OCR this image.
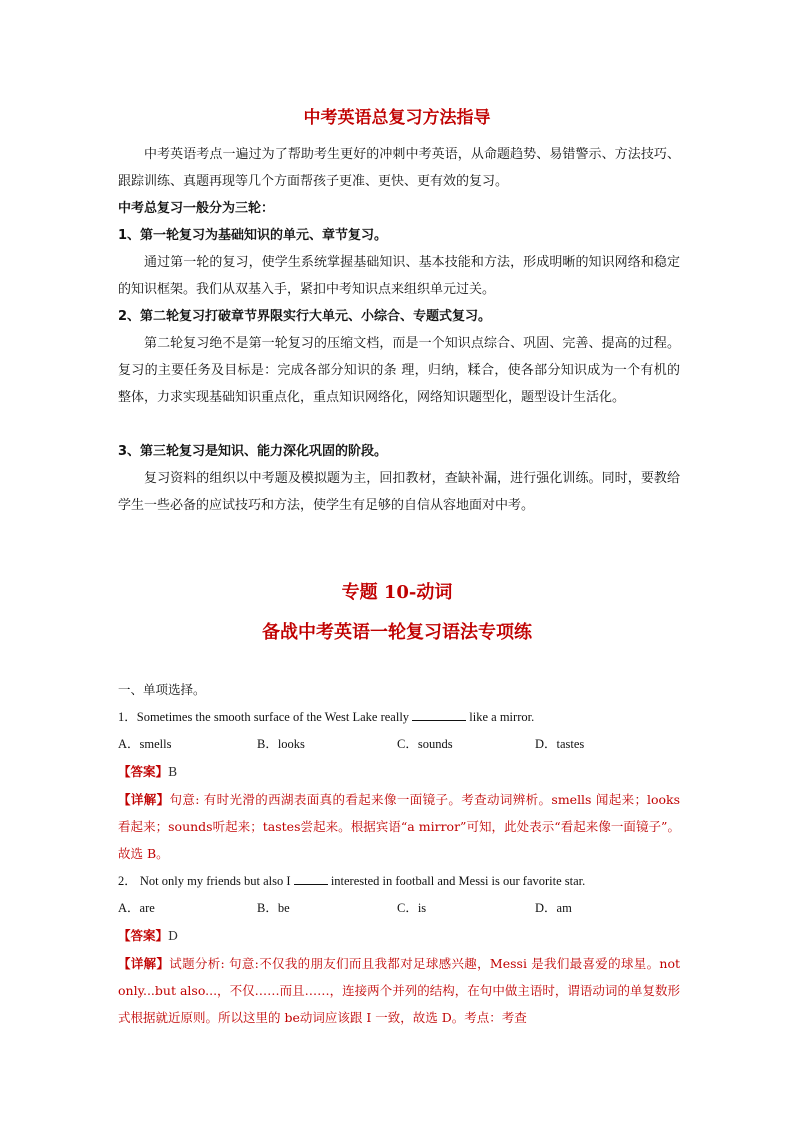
中考英语总复习方法指导
中考英语考点一遍过为了帮助考生更好的冲刺中考英语，从命题趋势、易错警示、方法技巧、跟踪训练、真题再现等几个方面帮孩子更准、更快、更有效的复习。
中考总复习一般分为三轮：
1、第一轮复习为基础知识的单元、章节复习。
通过第一轮的复习，使学生系统掌握基础知识、基本技能和方法，形成明晰的知识网络和稳定的知识框架。我们从双基入手，紧扣中考知识点来组织单元过关。
2、第二轮复习打破章节界限实行大单元、小综合、专题式复习。
第二轮复习绝不是第一轮复习的压缩文档，而是一个知识点综合、巩固、完善、提高的过程。复习的主要任务及目标是：完成各部分知识的条 理，归纳，糅合，使各部分知识成为一个有机的整体，力求实现基础知识重点化，重点知识网络化，网络知识题型化，题型设计生活化。
3、第三轮复习是知识、能力深化巩固的阶段。
复习资料的组织以中考题及模拟题为主，回扣教材，查缺补漏，进行强化训练。同时，要教给学生一些必备的应试技巧和方法，使学生有足够的自信从容地面对中考。
专题 10-动词
备战中考英语一轮复习语法专项练
一、单项选择。
1．Sometimes the smooth surface of the West Lake really	like a mirror.
A．smells	B．looks	C．sounds	D．tastes
【答案】B
【详解】句意: 有时光滑的西湖表面真的看起来像一面镜子。考查动词辨析。smells 闻起来；looks 看起来；sounds听起来；tastes尝起来。根据宾语“a mirror”可知，此处表示“看起来像一面镜子”。故选 B。
2． Not only my friends but also I	interested in football and Messi is our favorite star.
A．are	B．be	C．is	D．am
【答案】D
【详解】试题分析: 句意:不仅我的朋友们而且我都对足球感兴趣，Messi 是我们最喜爱的球星。not only...but also...，不仅……而且……，连接两个并列的结构，在句中做主语时，谓语动词的单复数形式根据就近原则。所以这里的 be动词应该跟 I 一致，故选 D。考点：考查
